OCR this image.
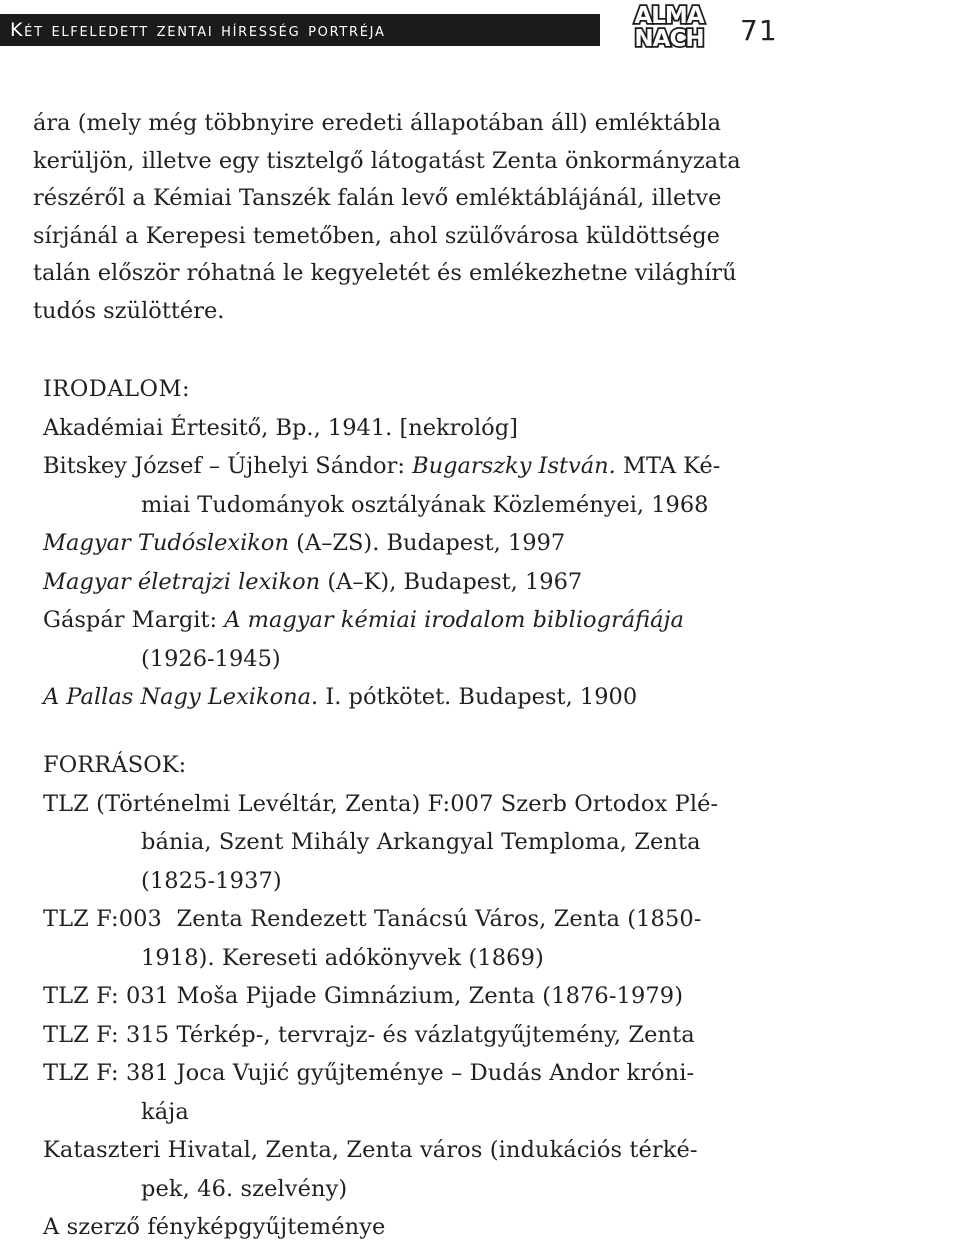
Két elfeledett zentai híresség portréja
ALMA
NACH 71
ára (mely még többnyire eredeti állapotában áll) emléktábla
kerüljön, illetve egy tisztelgő látogatást Zenta önkormányzata
részéről a Kémiai Tanszék falán levő emléktáblájánál, illetve
sírjánál a Kerepesi temetőben, ahol szülővárosa küldöttsége
talán először róhatná le kegyeletét és emlékezhetne világhírű
tudós szülöttére.
IRODALOM:
Akadémiai Értesitő, Bp., 1941. [nekrológ]
Bitskey József – Újhelyi Sándor: Bugarszky István. MTA Ké-
miai Tudományok osztályának Közleményei, 1968
Magyar Tudóslexikon (A–ZS). Budapest, 1997
Magyar életrajzi lexikon (A–K), Budapest, 1967
Gáspár Margit: A magyar kémiai irodalom bibliográfiája
(1926-1945)
A Pallas Nagy Lexikona. I. pótkötet. Budapest, 1900
FORRÁSOK:
TLZ (Történelmi Levéltár, Zenta) F:007 Szerb Ortodox Plé-
bánia, Szent Mihály Arkangyal Temploma, Zenta
(1825-1937)
TLZ F:003  Zenta Rendezett Tanácsú Város, Zenta (1850-
1918). Kereseti adókönyvek (1869)
TLZ F: 031 Moša Pijade Gimnázium, Zenta (1876-1979)
TLZ F: 315 Térkép-, tervrajz- és vázlatgyűjtemény, Zenta
TLZ F: 381 Joca Vujić gyűjteménye – Dudás Andor króni-
kája
Kataszteri Hivatal, Zenta, Zenta város (indukációs térké-
pek, 46. szelvény)
A szerző fényképgyűjteménye
